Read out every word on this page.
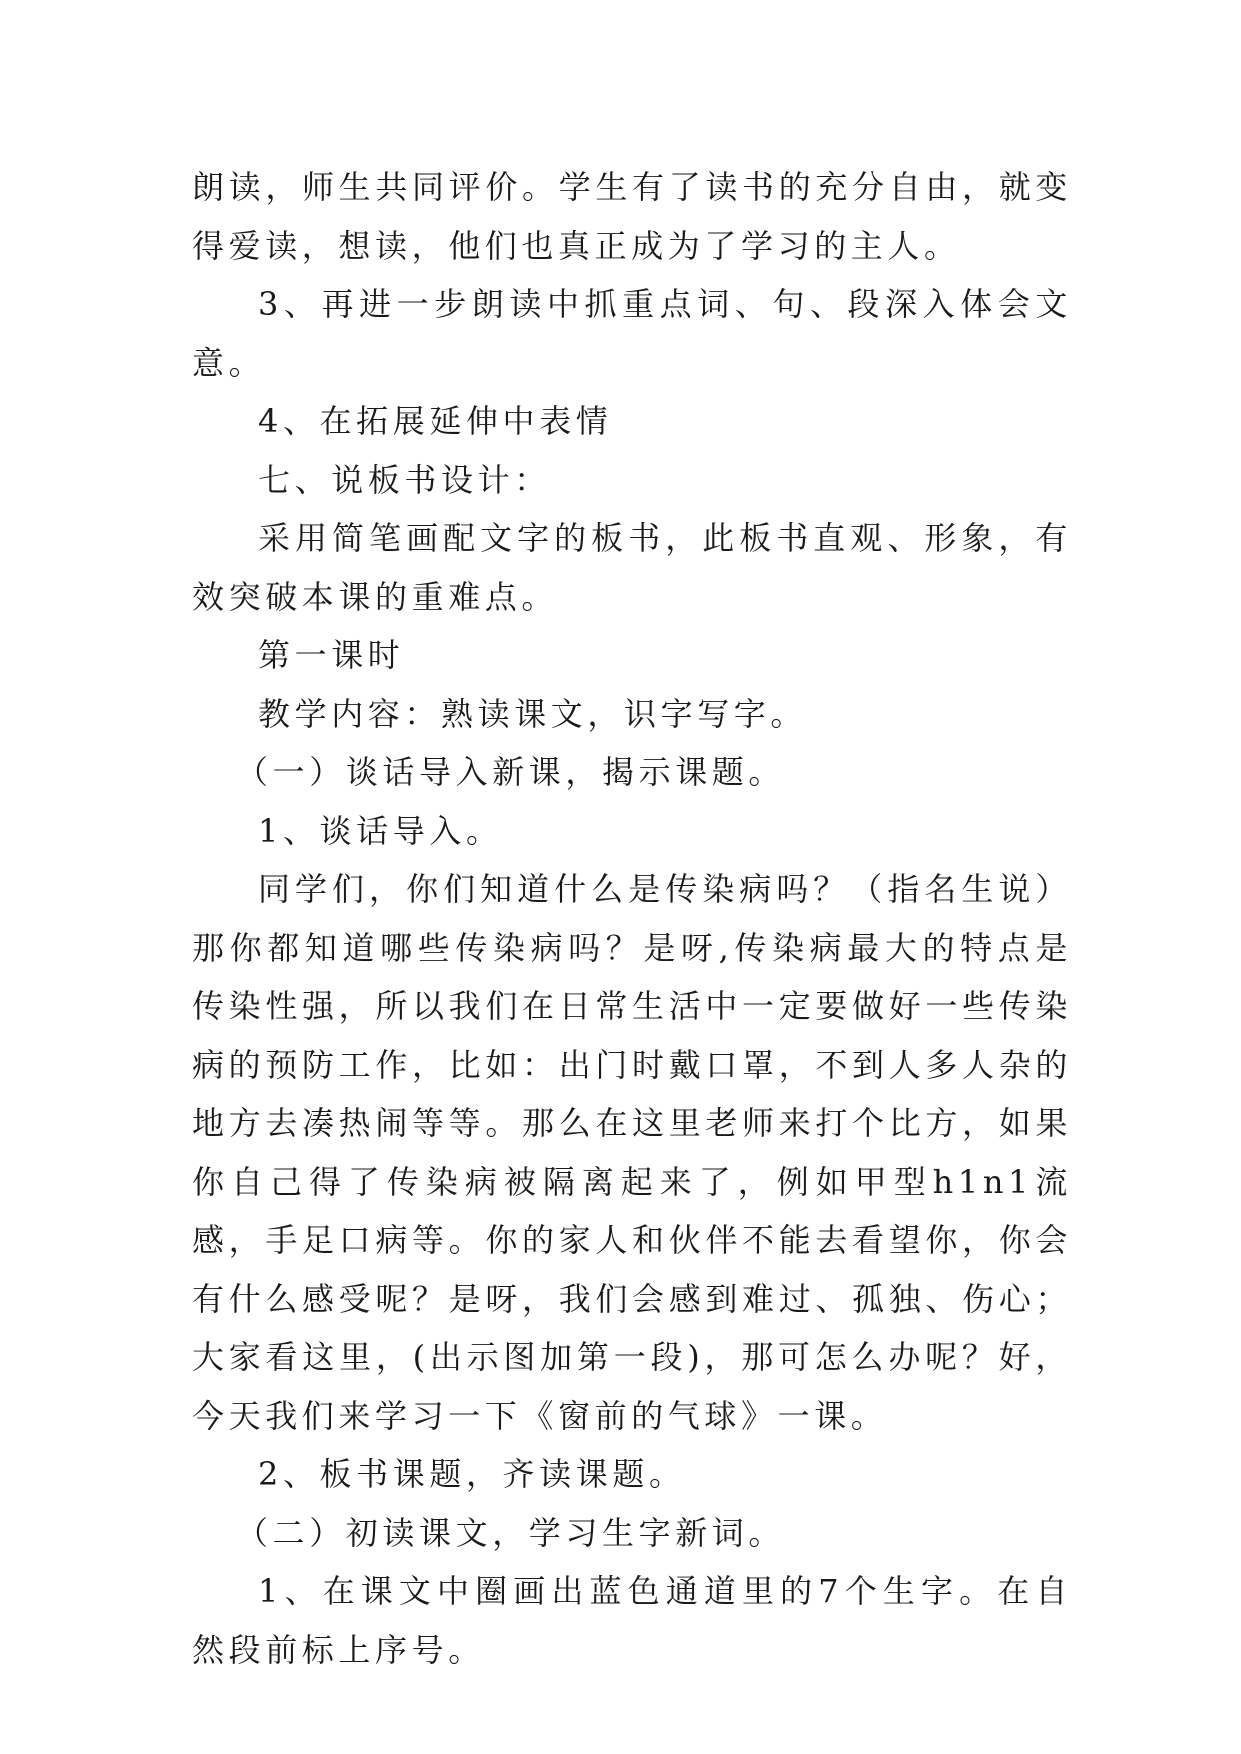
朗读，师生共同评价。学生有了读书的充分自由，就变得爱读，想读，他们也真正成为了学习的主人。

3、再进一步朗读中抓重点词、句、段深入体会文意。

4、在拓展延伸中表情

七、说板书设计：

采用简笔画配文字的板书，此板书直观、形象，有效突破本课的重难点。

第一课时

教学内容：熟读课文，识字写字。

（一）谈话导入新课，揭示课题。

1、谈话导入。

同学们，你们知道什么是传染病吗？（指名生说）那你都知道哪些传染病吗？是呀,传染病最大的特点是传染性强，所以我们在日常生活中一定要做好一些传染病的预防工作，比如：出门时戴口罩，不到人多人杂的地方去凑热闹等等。那么在这里老师来打个比方，如果你自己得了传染病被隔离起来了，例如甲型h1n1流感，手足口病等。你的家人和伙伴不能去看望你，你会有什么感受呢？是呀，我们会感到难过、孤独、伤心；大家看这里，(出示图加第一段)，那可怎么办呢？好，今天我们来学习一下《窗前的气球》一课。

2、板书课题，齐读课题。

（二）初读课文，学习生字新词。

1、在课文中圈画出蓝色通道里的7个生字。在自然段前标上序号。
